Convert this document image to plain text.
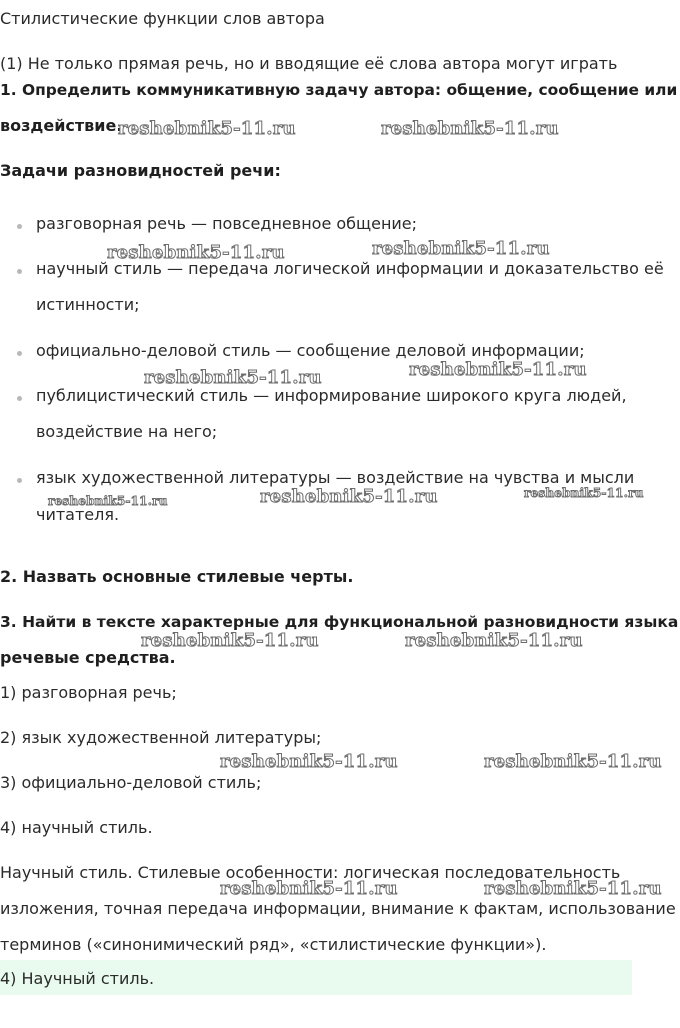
Стилистические функции слов автора
(1) Не только прямая речь, но и вводящие её слова автора могут играть
1. Определить коммуникативную задачу автора: общение, сообщение или
воздействие.
Задачи разновидностей речи:
разговорная речь — повседневное общение;
научный стиль — передача логической информации и доказательство её
истинности;
официально-деловой стиль — сообщение деловой информации;
публицистический стиль — информирование широкого круга людей,
воздействие на него;
язык художественной литературы — воздействие на чувства и мысли
читателя.
2. Назвать основные стилевые черты.
3. Найти в тексте характерные для функциональной разновидности языка
речевые средства.
1) разговорная речь;
2) язык художественной литературы;
3) официально-деловой стиль;
4) научный стиль.
Научный стиль. Стилевые особенности: логическая последовательность
изложения, точная передача информации, внимание к фактам, использование
терминов («синонимический ряд», «стилистические функции»).
4) Научный стиль.
reshebnik5-11.ru	reshebnik5-11.ru
reshebnik5-11.ru	reshebnik5-11.ru
reshebnik5-11.ru	reshebnik5-11.ru
reshebnik5-11.ru	reshebnik5-11.ru	reshebnik5-11.ru
reshebnik5-11.ru	reshebnik5-11.ru
reshebnik5-11.ru	reshebnik5-11.ru
reshebnik5-11.ru	reshebnik5-11.ru
